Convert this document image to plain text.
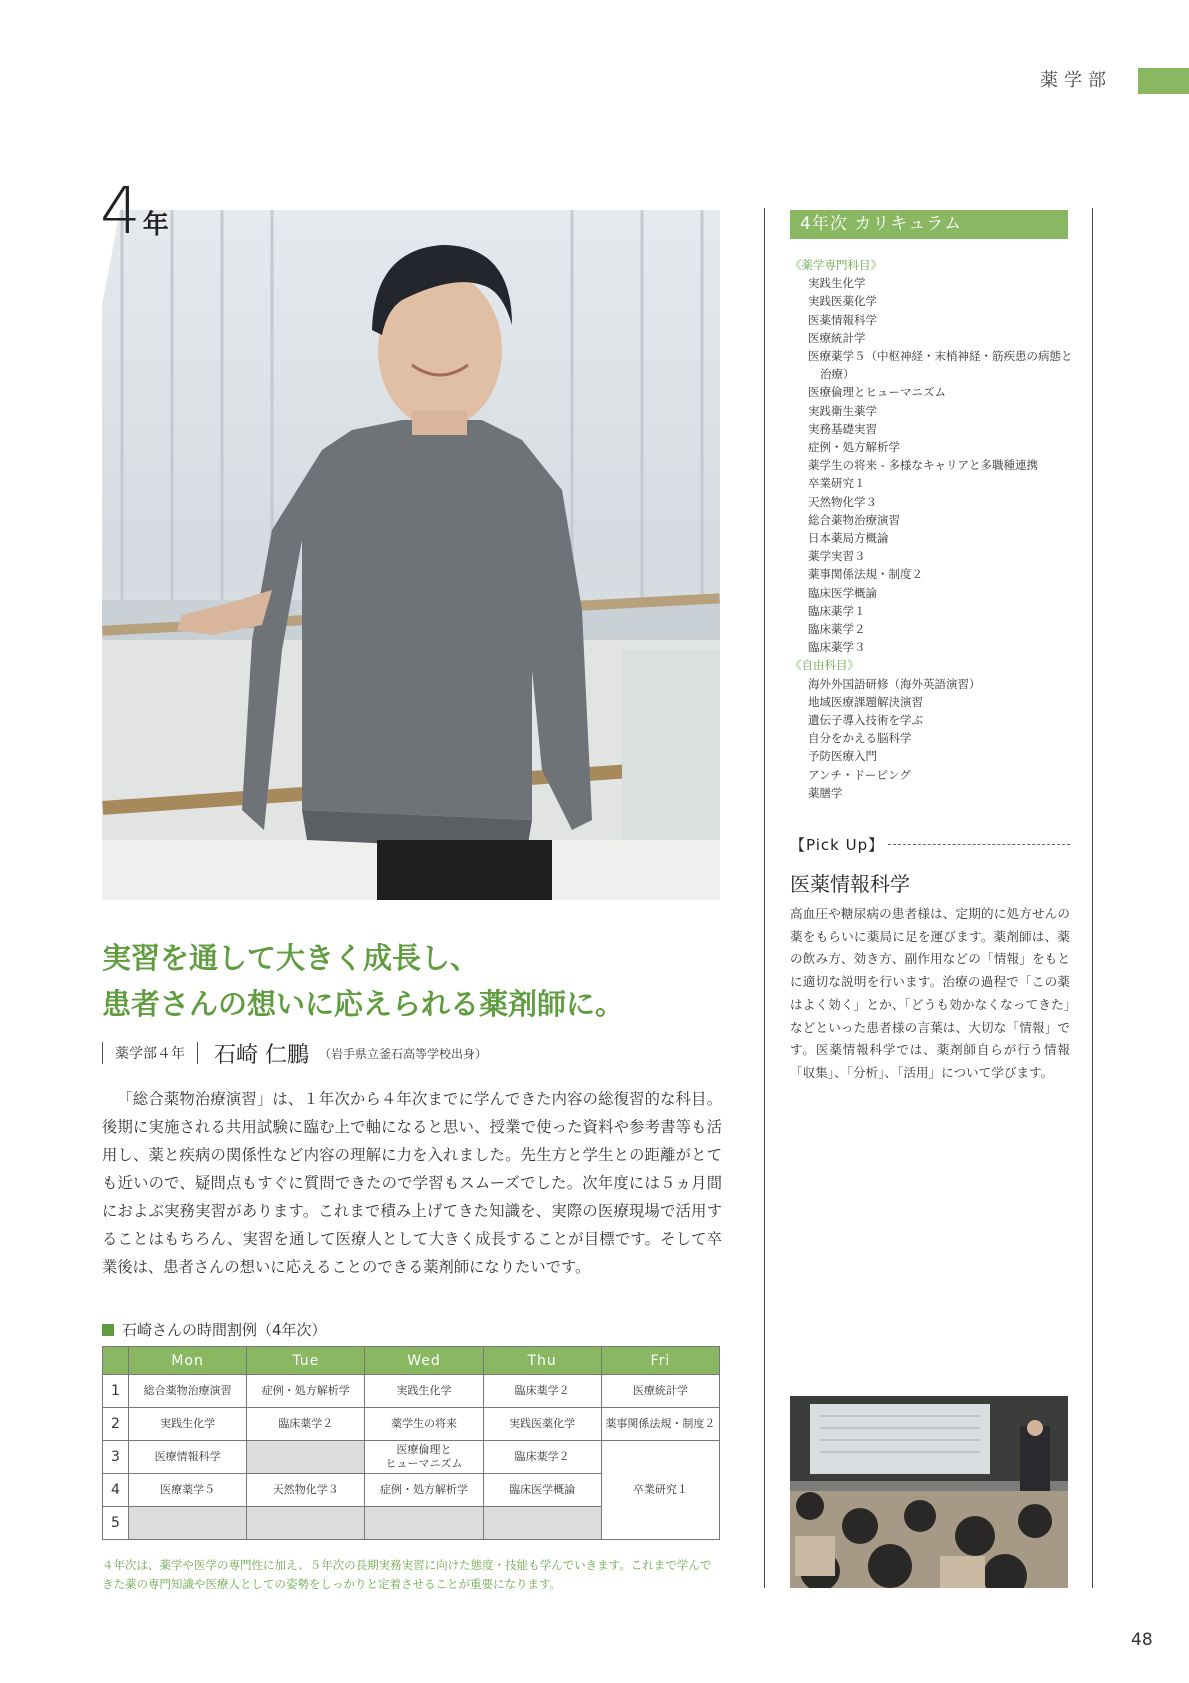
薬学部
4年
実習を通して大きく成長し、
患者さんの想いに応えられる薬剤師に。
薬学部４年 石崎 仁鵬 （岩手県立釜石高等学校出身）

「総合薬物治療演習」は、１年次から４年次までに学んできた内容の総復習的な科目。後期に実施される共用試験に臨む上で軸になると思い、授業で使った資料や参考書等も活用し、薬と疾病の関係性など内容の理解に力を入れました。先生方と学生との距離がとても近いので、疑問点もすぐに質問できたので学習もスムーズでした。次年度には５ヵ月間におよぶ実務実習があります。これまで積み上げてきた知識を、実際の医療現場で活用することはもちろん、実習を通して医療人として大きく成長することが目標です。そして卒業後は、患者さんの想いに応えることのできる薬剤師になりたいです。

石崎さんの時間割例（4年次）
	Mon	Tue	Wed	Thu	Fri
1	総合薬物治療演習	症例・処方解析学	実践生化学	臨床薬学２	医療統計学
2	実践生化学	臨床薬学２	薬学生の将来	実践医薬化学	薬事関係法規・制度２
3	医療情報科学		医療倫理と
ヒューマニズム	臨床薬学２	卒業研究１
4	医療薬学５	天然物化学３	症例・処方解析学	臨床医学概論	
5					
４年次は、薬学や医学の専門性に加え、５年次の長期実務実習に向けた態度・技能も学んでいきます。これまで学んできた薬の専門知識や医療人としての姿勢をしっかりと定着させることが重要になります。
4年次 カリキュラム
《薬学専門科目》
実践生化学
実践医薬化学
医薬情報科学
医療統計学
医療薬学５（中枢神経・末梢神経・筋疾患の病態と
治療）
医療倫理とヒューマニズム
実践衛生薬学
実務基礎実習
症例・処方解析学
薬学生の将来 - 多様なキャリアと多職種連携
卒業研究１
天然物化学３
総合薬物治療演習
日本薬局方概論
薬学実習３
薬事関係法規・制度２
臨床医学概論
臨床薬学１
臨床薬学２
臨床薬学３
《自由科目》
海外外国語研修（海外英語演習）
地域医療課題解決演習
遺伝子導入技術を学ぶ
自分をかえる脳科学
予防医療入門
アンチ・ドーピング
薬膳学
【Pick Up】
医薬情報科学
高血圧や糖尿病の患者様は、定期的に処方せんの薬をもらいに薬局に足を運びます。薬剤師は、薬の飲み方、効き方、副作用などの「情報」をもとに適切な説明を行います。治療の過程で「この薬はよく効く」とか、「どうも効かなくなってきた」などといった患者様の言葉は、大切な「情報」です。医薬情報科学では、薬剤師自らが行う情報「収集」、「分析」、「活用」について学びます。
48
